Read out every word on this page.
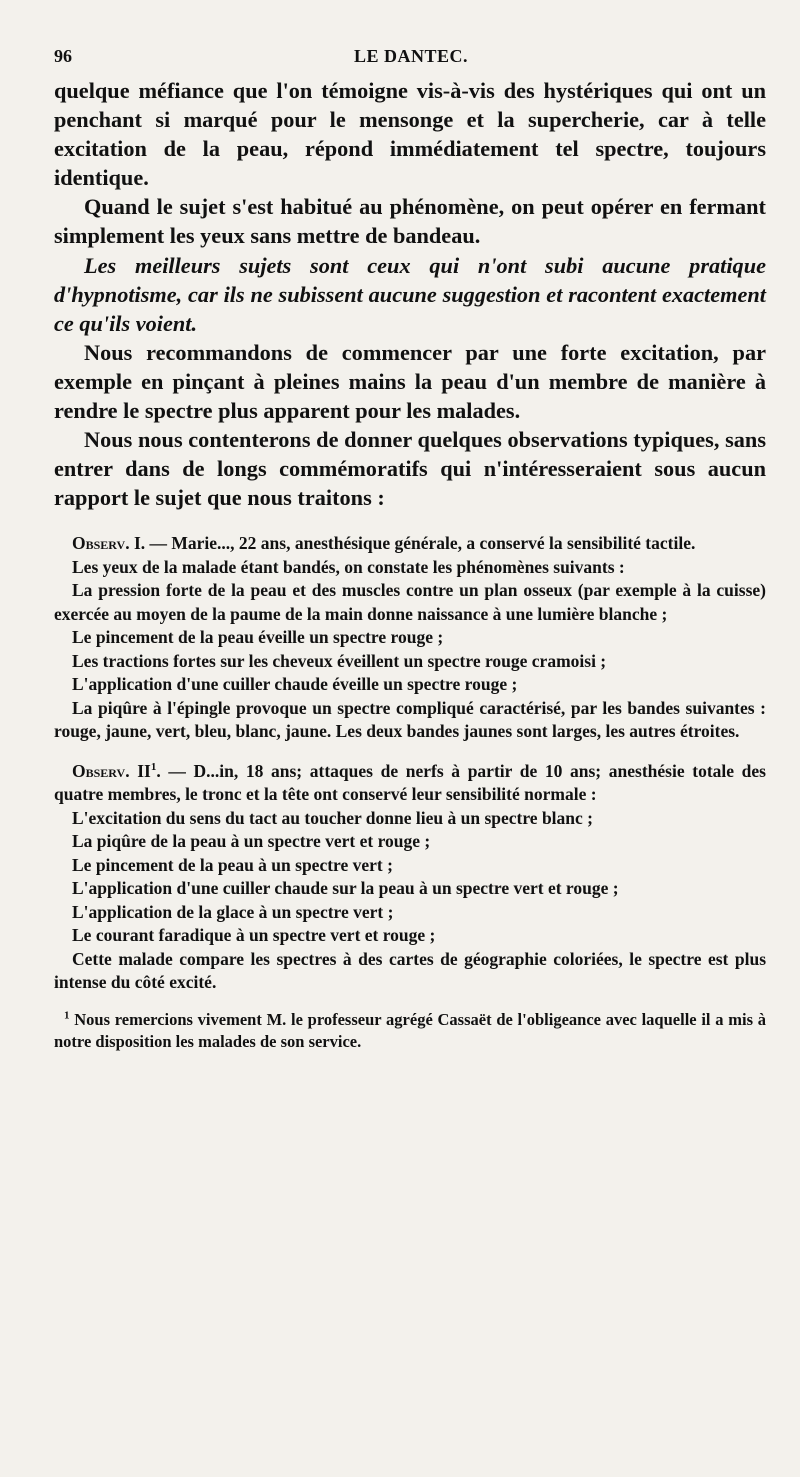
96	LE DANTEC.

quelque méfiance que l'on témoigne vis-à-vis des hystériques qui ont un penchant si marqué pour le mensonge et la supercherie, car à telle excitation de la peau, répond immédiatement tel spectre, toujours identique.

Quand le sujet s'est habitué au phénomène, on peut opérer en fermant simplement les yeux sans mettre de bandeau.

Les meilleurs sujets sont ceux qui n'ont subi aucune pratique d'hypnotisme, car ils ne subissent aucune suggestion et racontent exactement ce qu'ils voient.

Nous recommandons de commencer par une forte excitation, par exemple en pinçant à pleines mains la peau d'un membre de manière à rendre le spectre plus apparent pour les malades.

Nous nous contenterons de donner quelques observations typiques, sans entrer dans de longs commémoratifs qui n'intéresseraient sous aucun rapport le sujet que nous traitons :

Observ. I. — Marie..., 22 ans, anesthésique générale, a conservé la sensibilité tactile.

Les yeux de la malade étant bandés, on constate les phénomènes suivants :

La pression forte de la peau et des muscles contre un plan osseux (par exemple à la cuisse) exercée au moyen de la paume de la main donne naissance à une lumière blanche ;

Le pincement de la peau éveille un spectre rouge ;

Les tractions fortes sur les cheveux éveillent un spectre rouge cramoisi ;

L'application d'une cuiller chaude éveille un spectre rouge ;

La piqûre à l'épingle provoque un spectre compliqué caractérisé, par les bandes suivantes : rouge, jaune, vert, bleu, blanc, jaune. Les deux bandes jaunes sont larges, les autres étroites.

Observ. $II^1$. — D...in, 18 ans; attaques de nerfs à partir de 10 ans; anesthésie totale des quatre membres, le tronc et la tête ont conservé leur sensibilité normale :

L'excitation du sens du tact au toucher donne lieu à un spectre blanc ;

La piqûre de la peau à un spectre vert et rouge ;

Le pincement de la peau à un spectre vert ;

L'application d'une cuiller chaude sur la peau à un spectre vert et rouge ;

L'application de la glace à un spectre vert ;

Le courant faradique à un spectre vert et rouge ;

Cette malade compare les spectres à des cartes de géographie coloriées, le spectre est plus intense du côté excité.

$^1$ Nous remercions vivement M. le professeur agrégé Cassaët de l'obligeance avec laquelle il a mis à notre disposition les malades de son service.
